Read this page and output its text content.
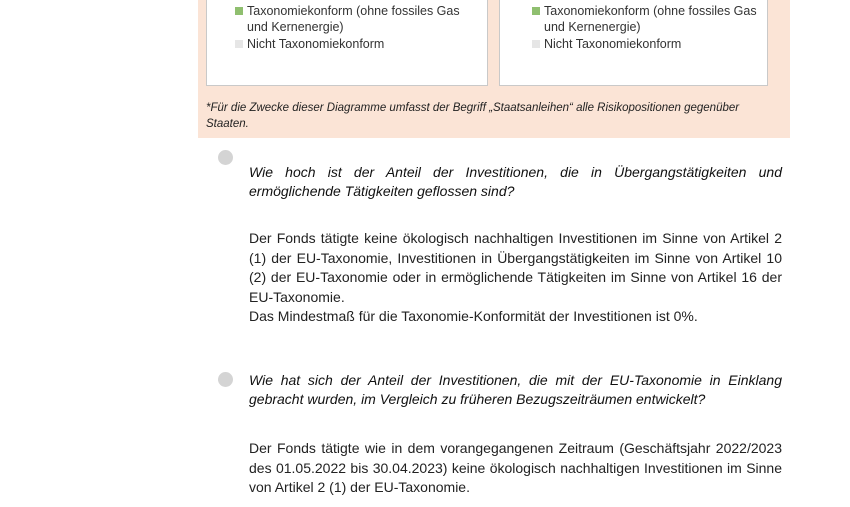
Taxonomiekonform (ohne fossiles Gas und Kernenergie)
Nicht Taxonomiekonform
Taxonomiekonform (ohne fossiles Gas und Kernenergie)
Nicht Taxonomiekonform
*Für die Zwecke dieser Diagramme umfasst der Begriff „Staatsanleihen“ alle Risikopositionen gegenüber Staaten.
Wie hoch ist der Anteil der Investitionen, die in Übergangstätigkeiten und ermöglichende Tätigkeiten geflossen sind?

Der Fonds tätigte keine ökologisch nachhaltigen Investitionen im Sinne von Artikel 2 (1) der EU-Taxonomie, Investitionen in Übergangstätigkeiten im Sinne von Artikel 10 (2) der EU-Taxonomie oder in ermöglichende Tätigkeiten im Sinne von Artikel 16 der EU-Taxonomie.

Das Mindestmaß für die Taxonomie-Konformität der Investitionen ist 0%.

Wie hat sich der Anteil der Investitionen, die mit der EU-Taxonomie in Einklang gebracht wurden, im Vergleich zu früheren Bezugszeiträumen entwickelt?

Der Fonds tätigte wie in dem vorangegangenen Zeitraum (Geschäftsjahr 2022/2023 des 01.05.2022 bis 30.04.2023) keine ökologisch nachhaltigen Investitionen im Sinne von Artikel 2 (1) der EU-Taxonomie.
